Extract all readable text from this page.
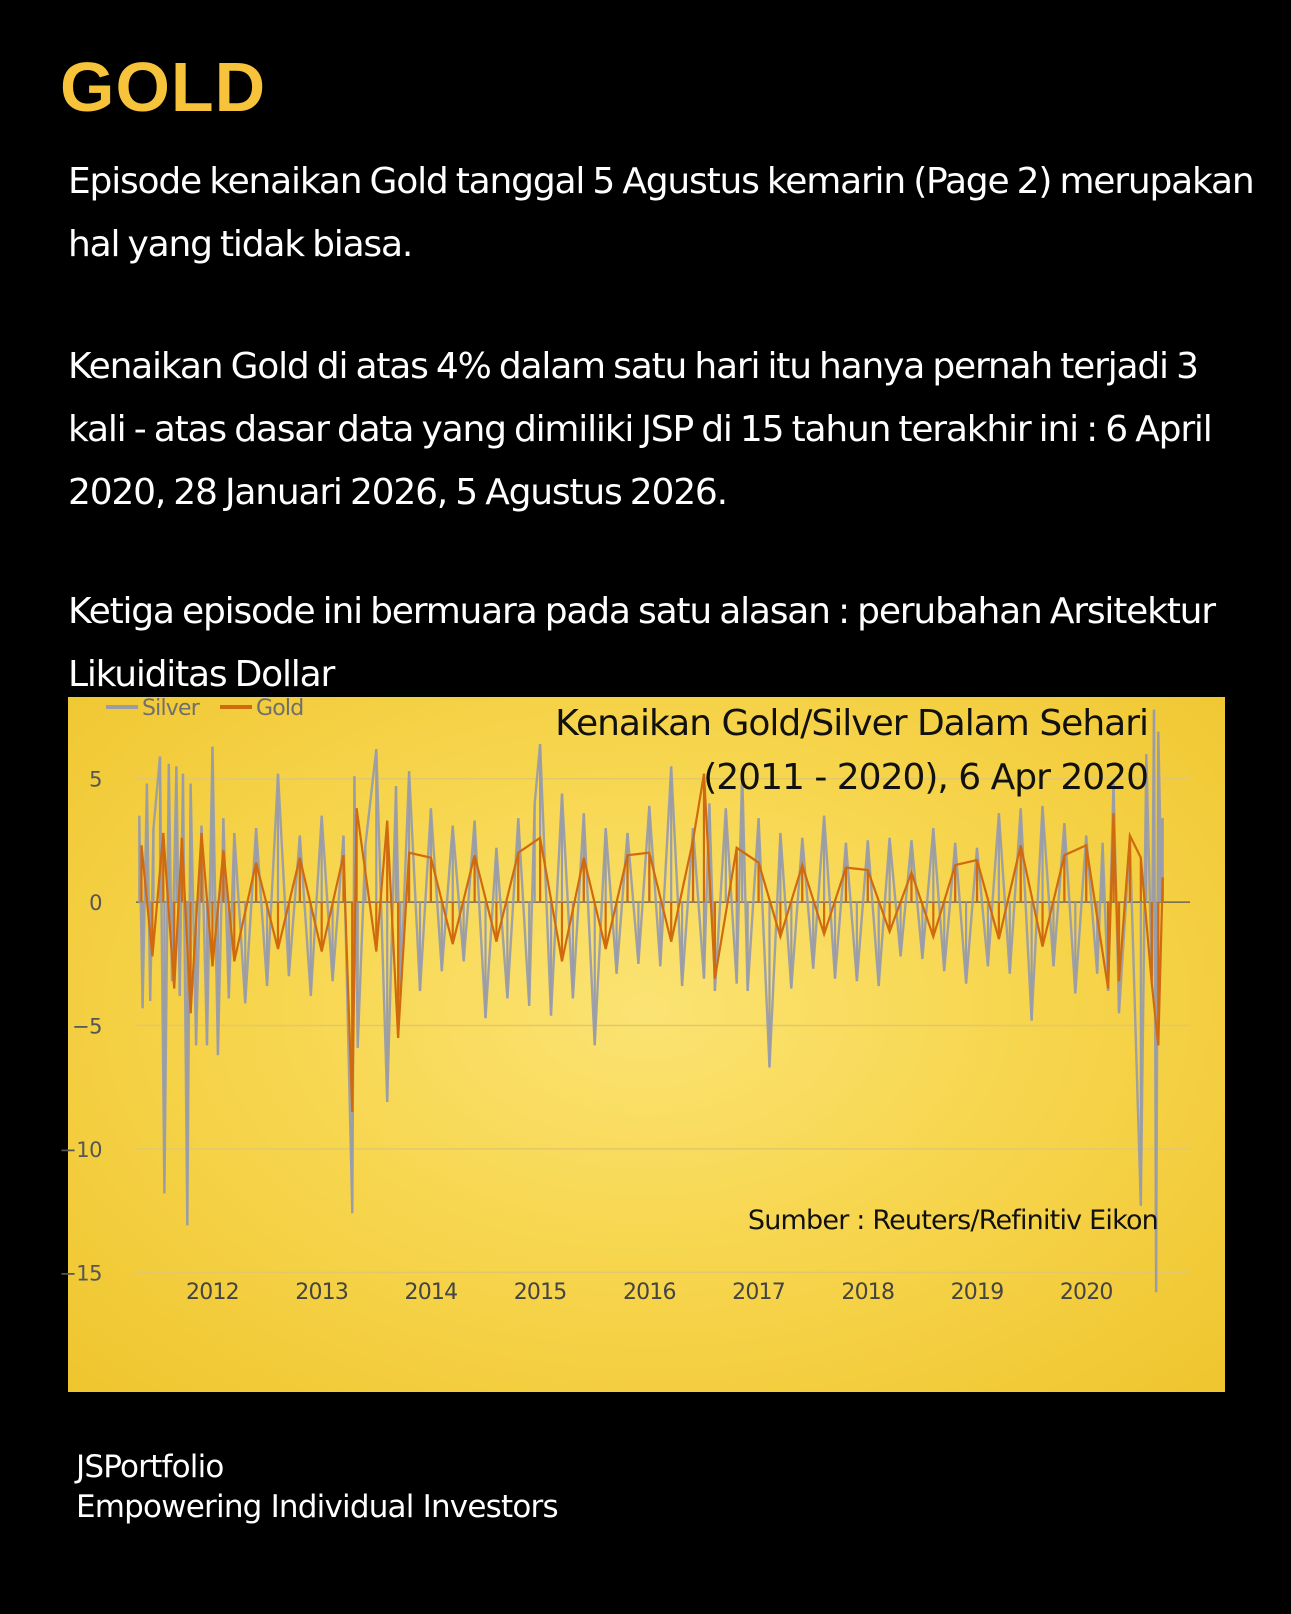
GOLD
Episode kenaikan Gold tanggal 5 Agustus kemarin (Page 2) merupakan hal yang tidak biasa.
Kenaikan Gold di atas 4% dalam satu hari itu hanya pernah terjadi 3 kali - atas dasar data yang dimiliki JSP di 15 tahun terakhir ini : 6 April 2020, 28 Januari 2026, 5 Agustus 2026.
Ketiga episode ini bermuara pada satu alasan : perubahan Arsitektur Likuiditas Dollar
5
0
−5
−10
−15
2012	2013	2014	2015	2016	2017	2018	2019	2020
Silver	Gold	Kenaikan Gold/Silver Dalam Sehari
(2011 - 2020), 6 Apr 2020
Sumber : Reuters/Refinitiv Eikon
JSPortfolio
Empowering Individual Investors
